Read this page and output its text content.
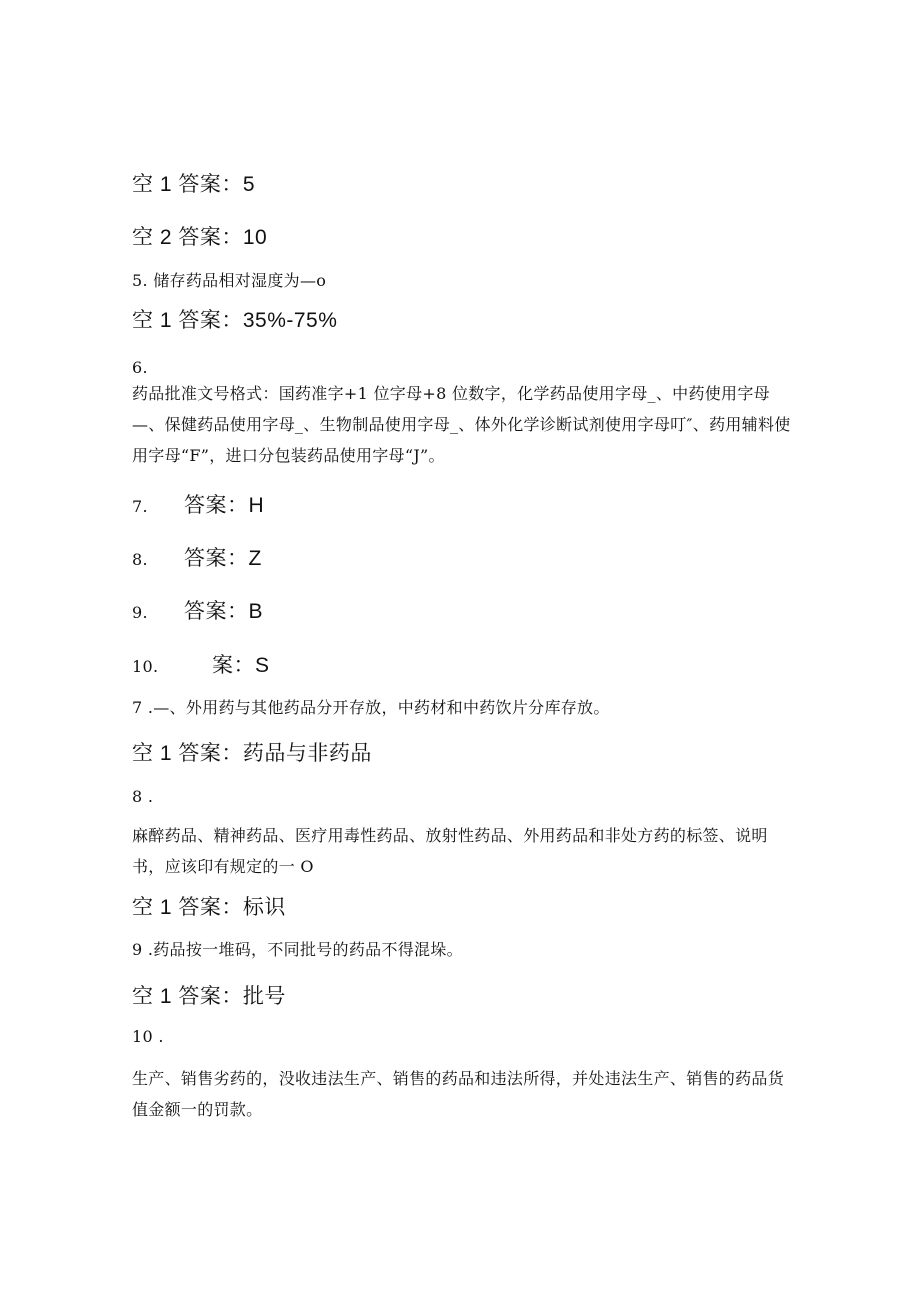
空 1 答案：5

空 2 答案：10

5. 储存药品相对湿度为—o

空 1 答案：35%-75%

6.

药品批准文号格式：国药准字+1 位字母+8 位数字，化学药品使用字母_、中药使用字母—、保健药品使用字母_、生物制品使用字母_、体外化学诊断试剂使用字母叮″、药用辅料使用字母“F”，进口分包装药品使用字母“J”。

7. 答案：H

8. 答案：Z

9. 答案：B

10.	案：S

7 .—、外用药与其他药品分开存放，中药材和中药饮片分库存放。

空 1 答案：药品与非药品

8 .

麻醉药品、精神药品、医疗用毒性药品、放射性药品、外用药品和非处方药的标签、说明书，应该印有规定的一 O

空 1 答案：标识

9 .药品按一堆码，不同批号的药品不得混垛。

空 1 答案：批号

10 .

生产、销售劣药的，没收违法生产、销售的药品和违法所得，并处违法生产、销售的药品货值金额一的罚款。
